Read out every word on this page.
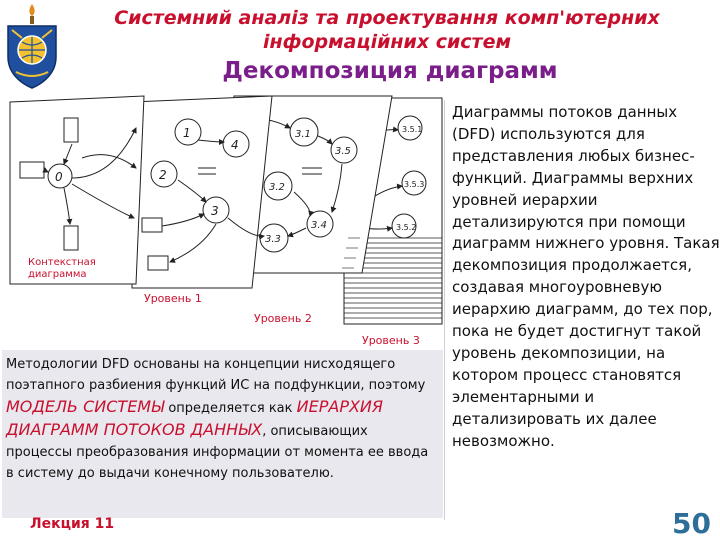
Системний аналіз та проектування комп'ютерних
інформаційних систем
Декомпозиция диаграмм
3.5.1
3.5.3
3.5.2
3.1
3.5
3.2
3.4
3.3
1
4
2
3
0
Контекстная
диаграмма
Уровень 1
Уровень 2
Уровень 3
Методологии DFD основаны на концепции нисходящего поэтапного разбиения функций ИС на подфункции, поэтому МОДЕЛЬ СИСТЕМЫ определяется как ИЕРАРХИЯ ДИАГРАММ ПОТОКОВ ДАННЫХ, описывающих процессы преобразования информации от момента ее ввода в систему до выдачи конечному пользователю.
Диаграммы потоков данных (DFD) используются для представления любых бизнес-функций. Диаграммы верхних уровней иерархии детализируются при помощи диаграмм нижнего уровня. Такая декомпозиция продолжается, создавая многоуровневую иерархию диаграмм, до тех пор, пока не будет достигнут такой уровень декомпозиции, на котором процесс становятся элементарными и детализировать их далее невозможно.
Лекция 11	50
